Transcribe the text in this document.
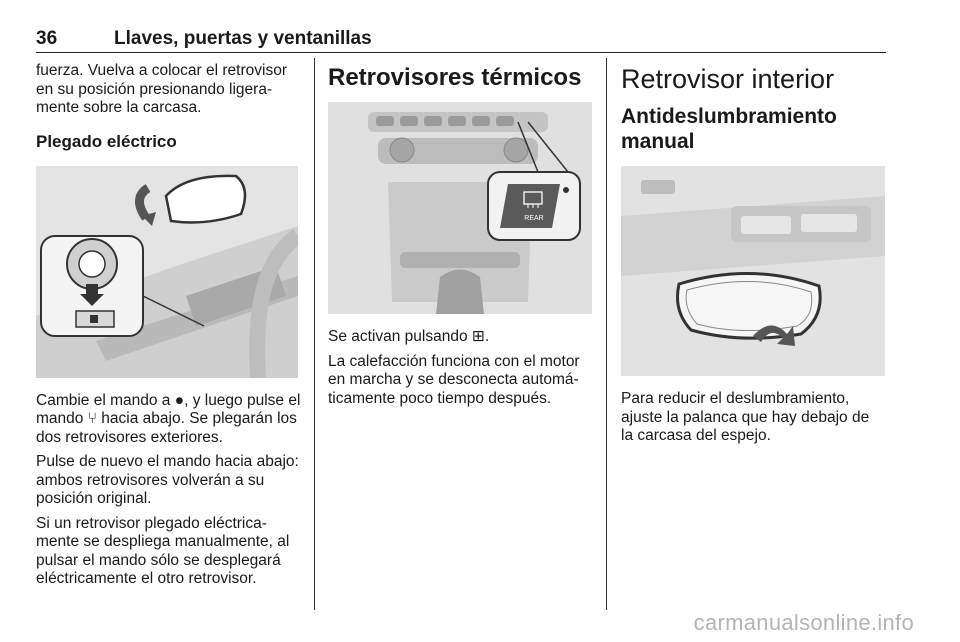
36	Llaves, puertas y ventanillas

fuerza. Vuelva a colocar el retrovisor en su posición presionando ligera-mente sobre la carcasa.

Plegado eléctrico

Cambie el mando a ●, y luego pulse el mando ⑂ hacia abajo. Se plegarán los dos retrovisores exteriores.

Pulse de nuevo el mando hacia abajo: ambos retrovisores volverán a su posición original.

Si un retrovisor plegado eléctrica-mente se despliega manualmente, al pulsar el mando sólo se desplegará eléctricamente el otro retrovisor.

Retrovisores térmicos
REAR

Se activan pulsando ⊞.

La calefacción funciona con el motor en marcha y se desconecta automá-ticamente poco tiempo después.

Retrovisor interior
Antideslumbramiento manual

Para reducir el deslumbramiento, ajuste la palanca que hay debajo de la carcasa del espejo.

carmanualsonline.info
